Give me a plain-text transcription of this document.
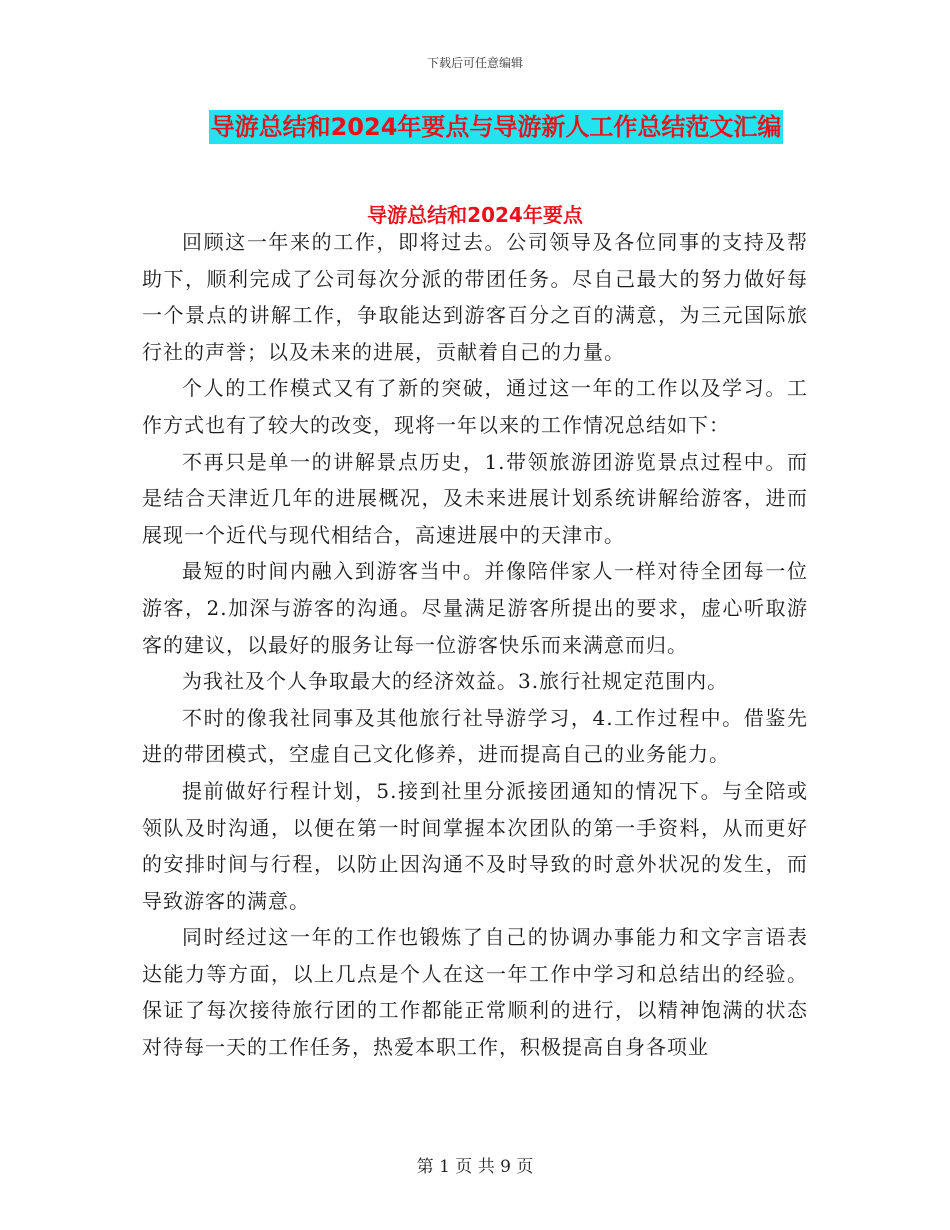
下载后可任意编辑
导游总结和2024年要点与导游新人工作总结范文汇编
导游总结和2024年要点

回顾这一年来的工作，即将过去。公司领导及各位同事的支持及帮助下，顺利完成了公司每次分派的带团任务。尽自己最大的努力做好每一个景点的讲解工作，争取能达到游客百分之百的满意，为三元国际旅行社的声誉；以及未来的进展，贡献着自己的力量。

个人的工作模式又有了新的突破，通过这一年的工作以及学习。工作方式也有了较大的改变，现将一年以来的工作情况总结如下：

不再只是单一的讲解景点历史，1.带领旅游团游览景点过程中。而是结合天津近几年的进展概况，及未来进展计划系统讲解给游客，进而展现一个近代与现代相结合，高速进展中的天津市。

最短的时间内融入到游客当中。并像陪伴家人一样对待全团每一位游客，2.加深与游客的沟通。尽量满足游客所提出的要求，虚心听取游客的建议，以最好的服务让每一位游客快乐而来满意而归。

为我社及个人争取最大的经济效益。3.旅行社规定范围内。

不时的像我社同事及其他旅行社导游学习，4.工作过程中。借鉴先进的带团模式，空虚自己文化修养，进而提高自己的业务能力。

提前做好行程计划，5.接到社里分派接团通知的情况下。与全陪或领队及时沟通，以便在第一时间掌握本次团队的第一手资料，从而更好的安排时间与行程，以防止因沟通不及时导致的时意外状况的发生，而导致游客的满意。

同时经过这一年的工作也锻炼了自己的协调办事能力和文字言语表达能力等方面，以上几点是个人在这一年工作中学习和总结出的经验。保证了每次接待旅行团的工作都能正常顺利的进行，以精神饱满的状态对待每一天的工作任务，热爱本职工作，积极提高自身各项业

第 1 页 共 9 页
